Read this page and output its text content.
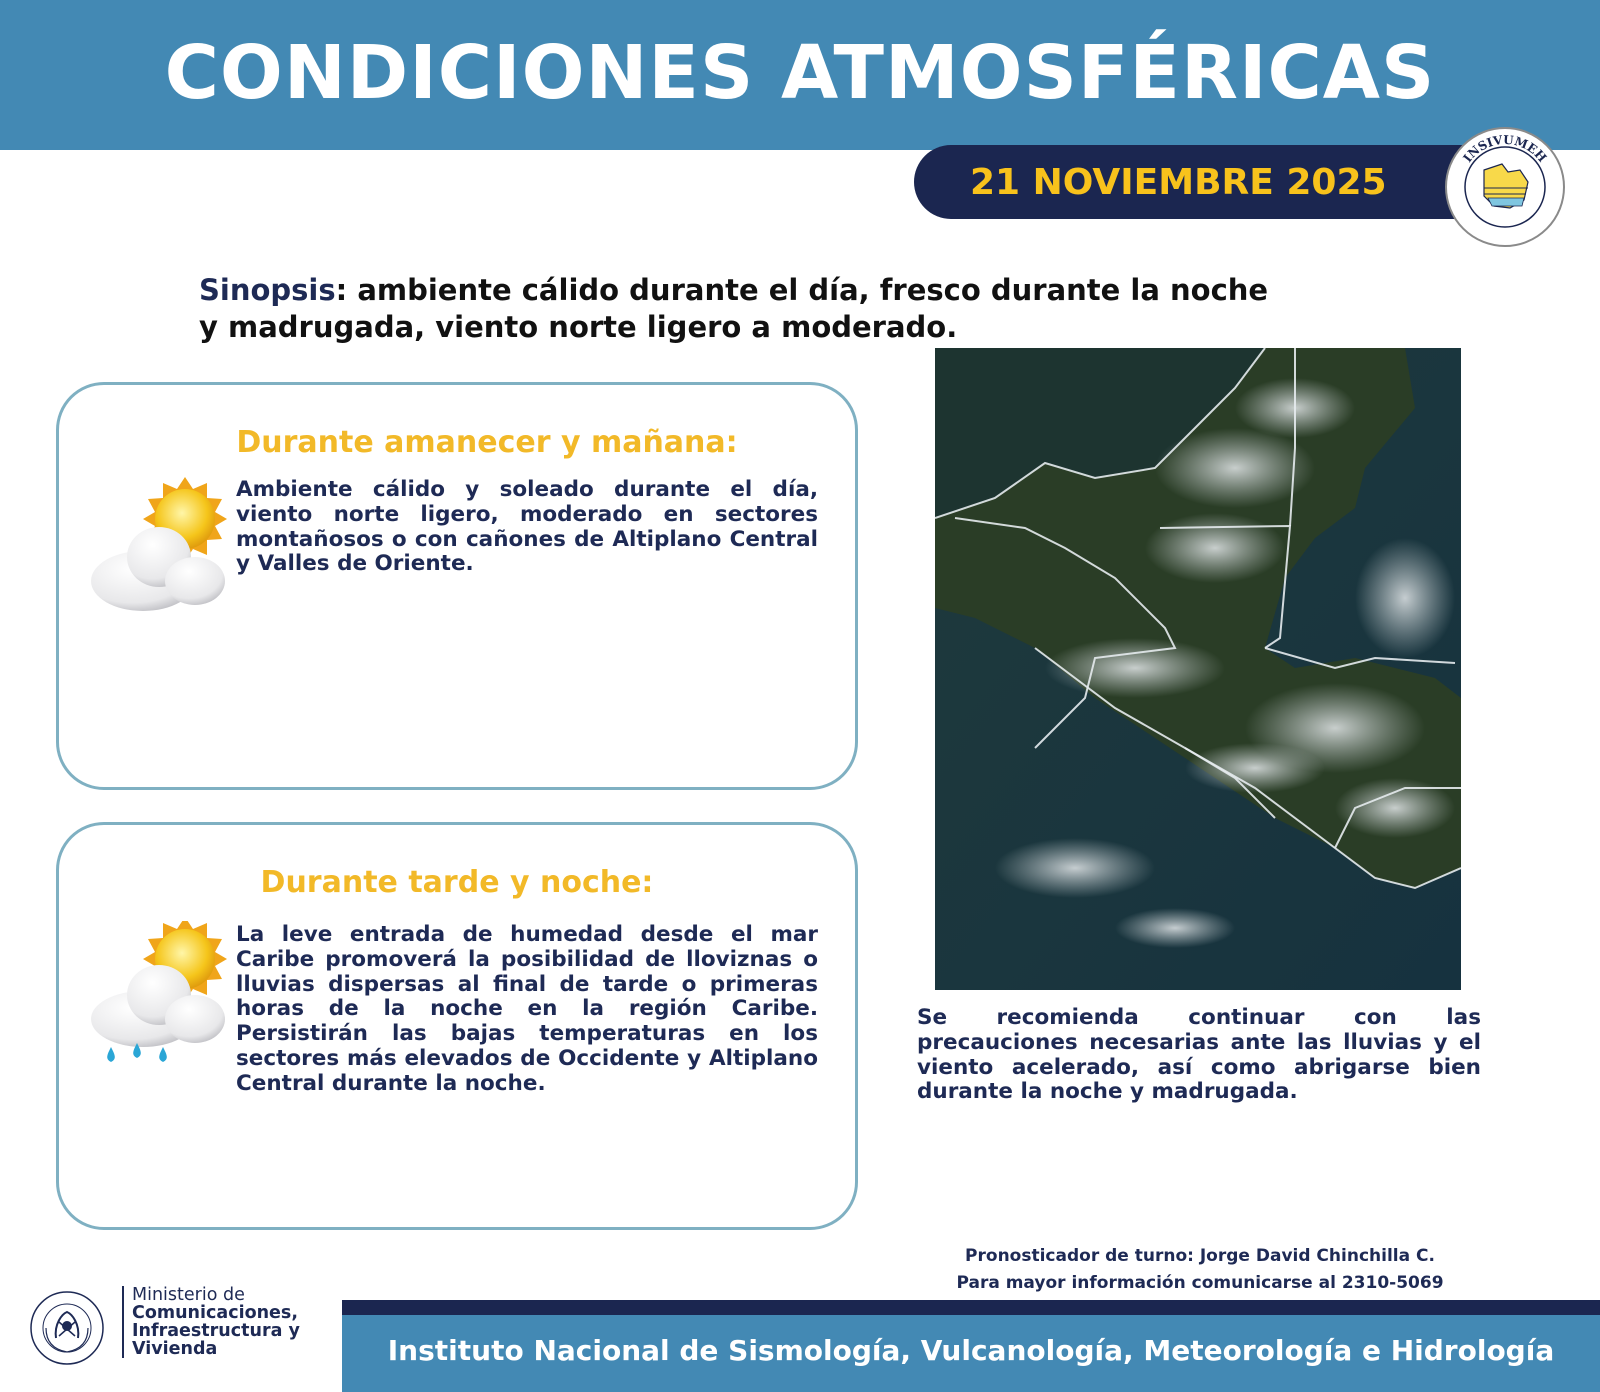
CONDICIONES ATMOSFÉRICAS
21 NOVIEMBRE 2025
INSIVUMEH
Sinopsis: ambiente cálido durante el día, fresco durante la noche y madrugada, viento norte ligero a moderado.
Durante amanecer y mañana:
Ambiente cálido y soleado durante el día, viento norte ligero, moderado en sectores montañosos o con cañones de Altiplano Central y Valles de Oriente.
Durante tarde y noche:
La leve entrada de humedad desde el mar Caribe promoverá la posibilidad de lloviznas o lluvias dispersas al final de tarde o primeras horas de la noche en la región Caribe. Persistirán las bajas temperaturas en los sectores más elevados de Occidente y Altiplano Central durante la noche.
Se recomienda continuar con las precauciones necesarias ante las lluvias y el viento acelerado, así como abrigarse bien durante la noche y madrugada.
Pronosticador de turno: Jorge David Chinchilla C.
Para mayor información comunicarse al 2310-5069
Ministerio de
Comunicaciones,
Infraestructura y
Vivienda	Instituto Nacional de Sismología, Vulcanología, Meteorología e Hidrología
